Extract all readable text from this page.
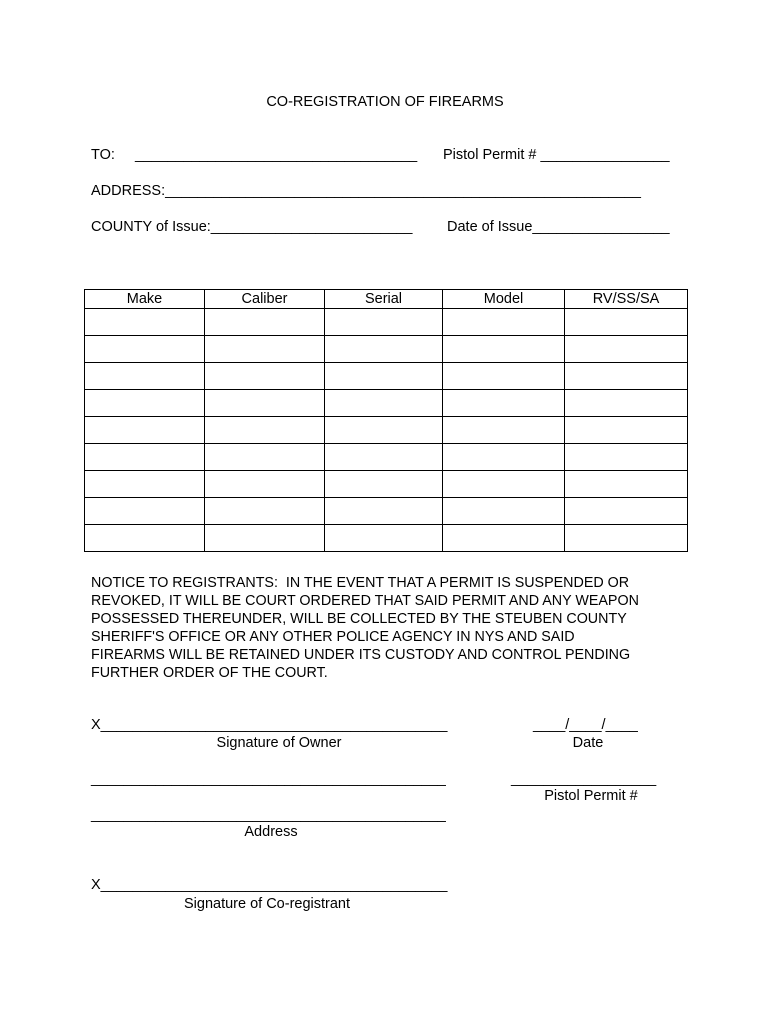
CO-REGISTRATION OF FIREARMS
TO: ___________________________________ Pistol Permit # ________________
ADDRESS:___________________________________________________________
COUNTY of Issue:_________________________ Date of Issue_________________
Make	Caliber	Serial	Model	RV/SS/SA

NOTICE TO REGISTRANTS:  IN THE EVENT THAT A PERMIT IS SUSPENDED OR
REVOKED, IT WILL BE COURT ORDERED THAT SAID PERMIT AND ANY WEAPON
POSSESSED THEREUNDER, WILL BE COLLECTED BY THE STEUBEN COUNTY
SHERIFF'S OFFICE OR ANY OTHER POLICE AGENCY IN NYS AND SAID
FIREARMS WILL BE RETAINED UNDER ITS CUSTODY AND CONTROL PENDING
FURTHER ORDER OF THE COURT.
X___________________________________________
Signature of Owner
____/____/____
Date
____________________________________________	__________________
Pistol Permit #
____________________________________________
Address
X___________________________________________
Signature of Co-registrant
